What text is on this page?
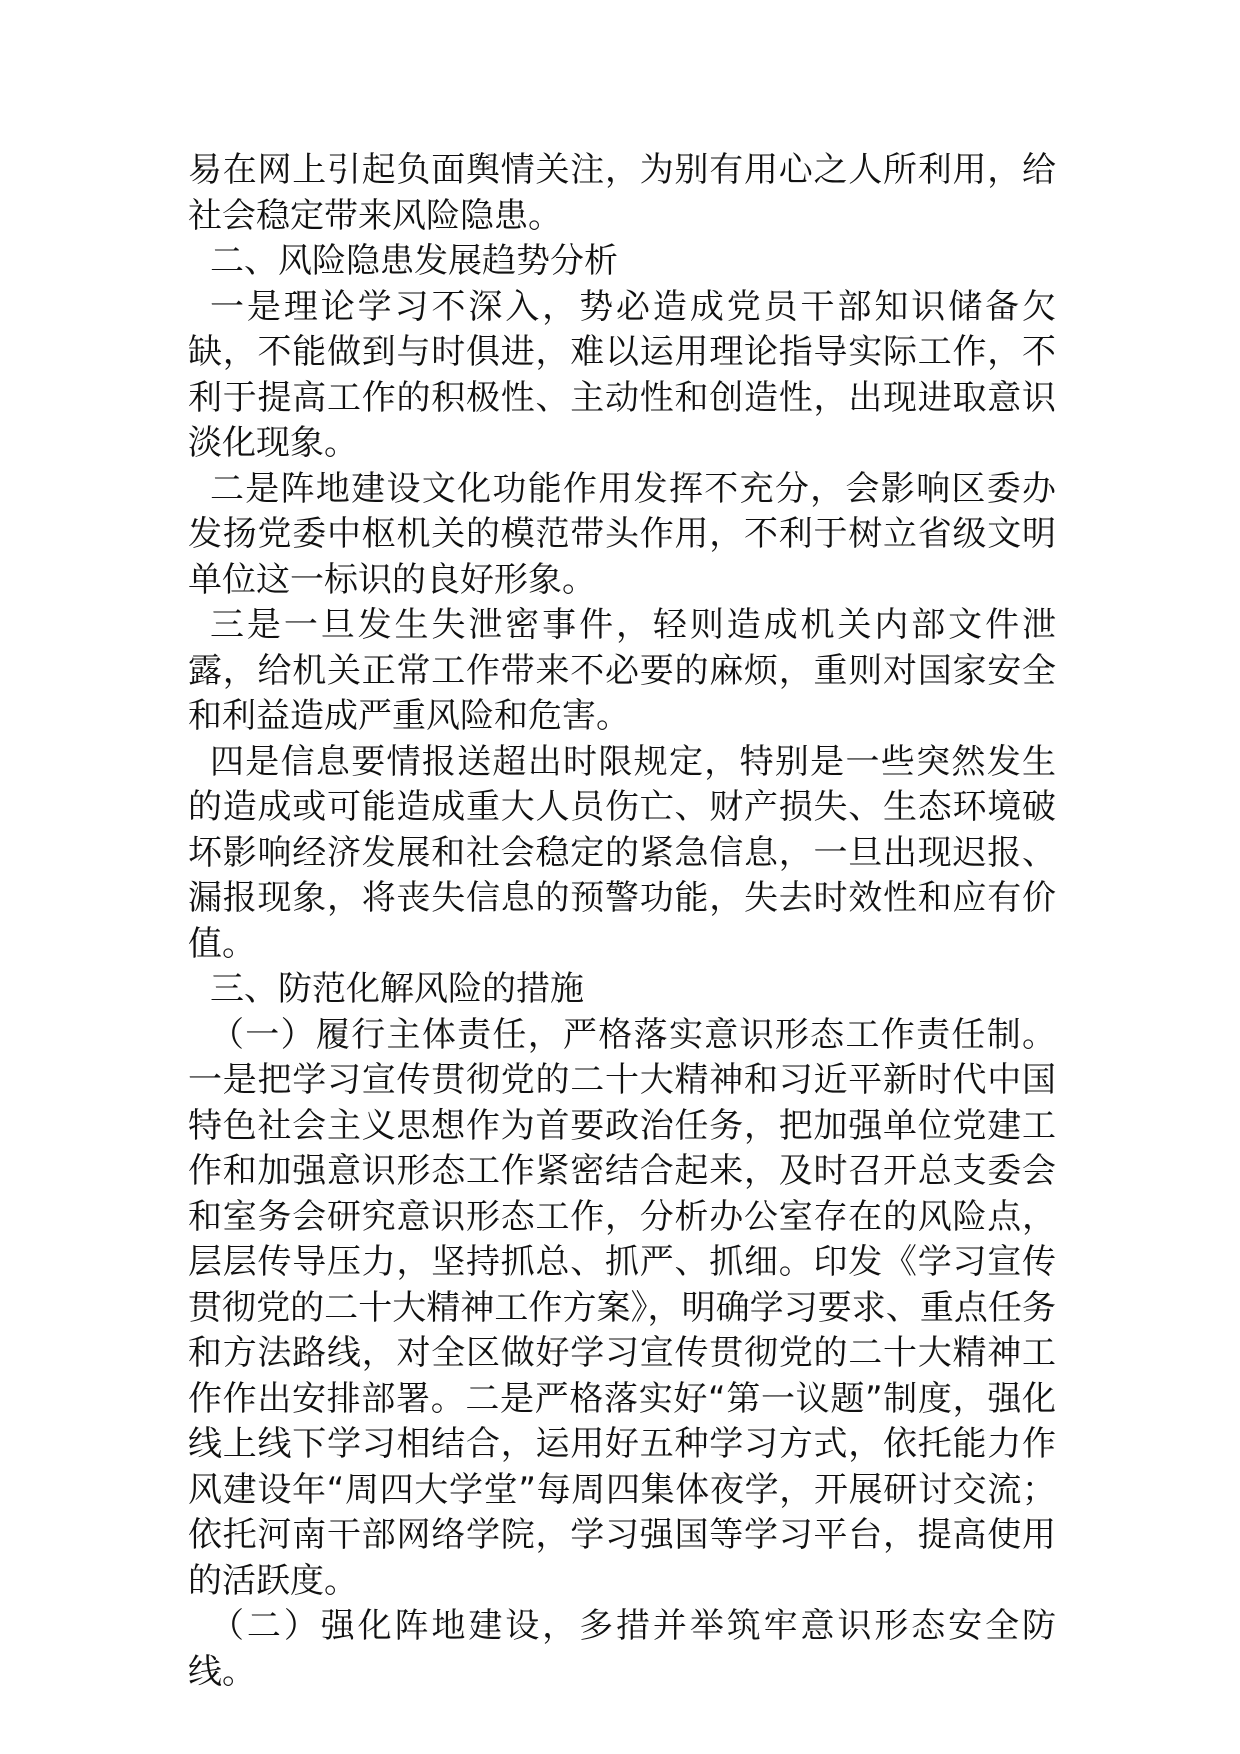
易在网上引起负面舆情关注，为别有用心之人所利用，给社会稳定带来风险隐患。

二、风险隐患发展趋势分析

一是理论学习不深入，势必造成党员干部知识储备欠缺，不能做到与时俱进，难以运用理论指导实际工作，不利于提高工作的积极性、主动性和创造性，出现进取意识淡化现象。

二是阵地建设文化功能作用发挥不充分，会影响区委办发扬党委中枢机关的模范带头作用，不利于树立省级文明单位这一标识的良好形象。

三是一旦发生失泄密事件，轻则造成机关内部文件泄露，给机关正常工作带来不必要的麻烦，重则对国家安全和利益造成严重风险和危害。

四是信息要情报送超出时限规定，特别是一些突然发生的造成或可能造成重大人员伤亡、财产损失、生态环境破坏影响经济发展和社会稳定的紧急信息，一旦出现迟报、漏报现象，将丧失信息的预警功能，失去时效性和应有价值。

三、防范化解风险的措施

（一）履行主体责任，严格落实意识形态工作责任制。一是把学习宣传贯彻党的二十大精神和习近平新时代中国特色社会主义思想作为首要政治任务，把加强单位党建工作和加强意识形态工作紧密结合起来，及时召开总支委会和室务会研究意识形态工作，分析办公室存在的风险点，层层传导压力，坚持抓总、抓严、抓细。印发《学习宣传贯彻党的二十大精神工作方案》，明确学习要求、重点任务和方法路线，对全区做好学习宣传贯彻党的二十大精神工作作出安排部署。二是严格落实好“第一议题”制度，强化线上线下学习相结合，运用好五种学习方式，依托能力作风建设年“周四大学堂”每周四集体夜学，开展研讨交流；依托河南干部网络学院，学习强国等学习平台，提高使用的活跃度。

（二）强化阵地建设，多措并举筑牢意识形态安全防线。
